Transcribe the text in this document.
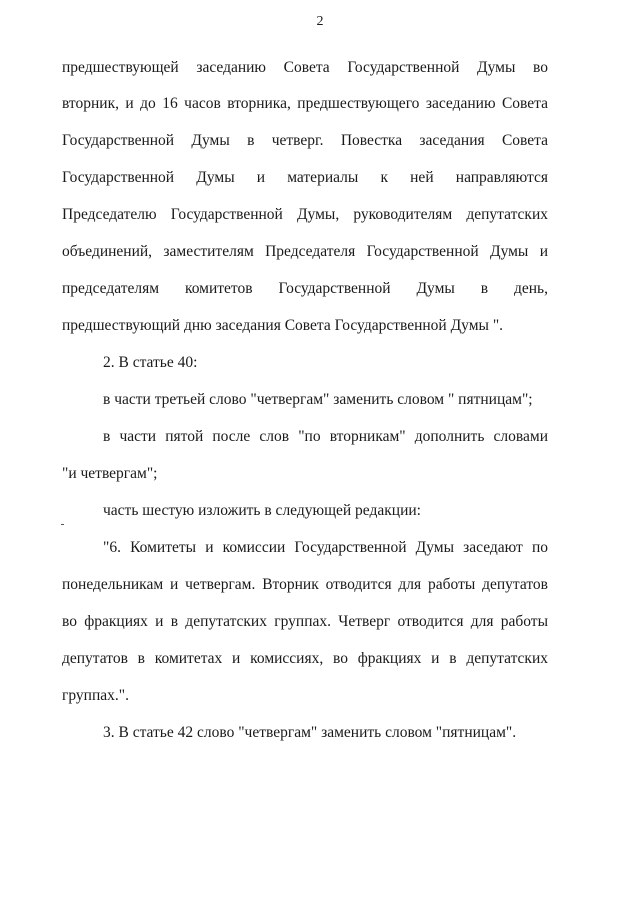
2
предшествующей заседанию Совета Государственной Думы во
вторник, и до 16 часов вторника, предшествующего заседанию Совета
Государственной Думы в четверг. Повестка заседания Совета
Государственной Думы и материалы к ней направляются
Председателю Государственной Думы, руководителям депутатских
объединений, заместителям Председателя Государственной Думы и
председателям комитетов Государственной Думы в день,
предшествующий дню заседания Совета Государственной Думы ".
2. В статье 40:
в части третьей слово "четвергам" заменить словом " пятницам";
в части пятой после слов "по вторникам" дополнить словами
"и четвергам";
часть шестую изложить в следующей редакции:
"6. Комитеты и комиссии Государственной Думы заседают по
понедельникам и четвергам. Вторник отводится для работы депутатов
во фракциях и в депутатских группах. Четверг отводится для работы
депутатов в комитетах и комиссиях, во фракциях и в депутатских
группах.".
3. В статье 42 слово "четвергам" заменить словом "пятницам".
